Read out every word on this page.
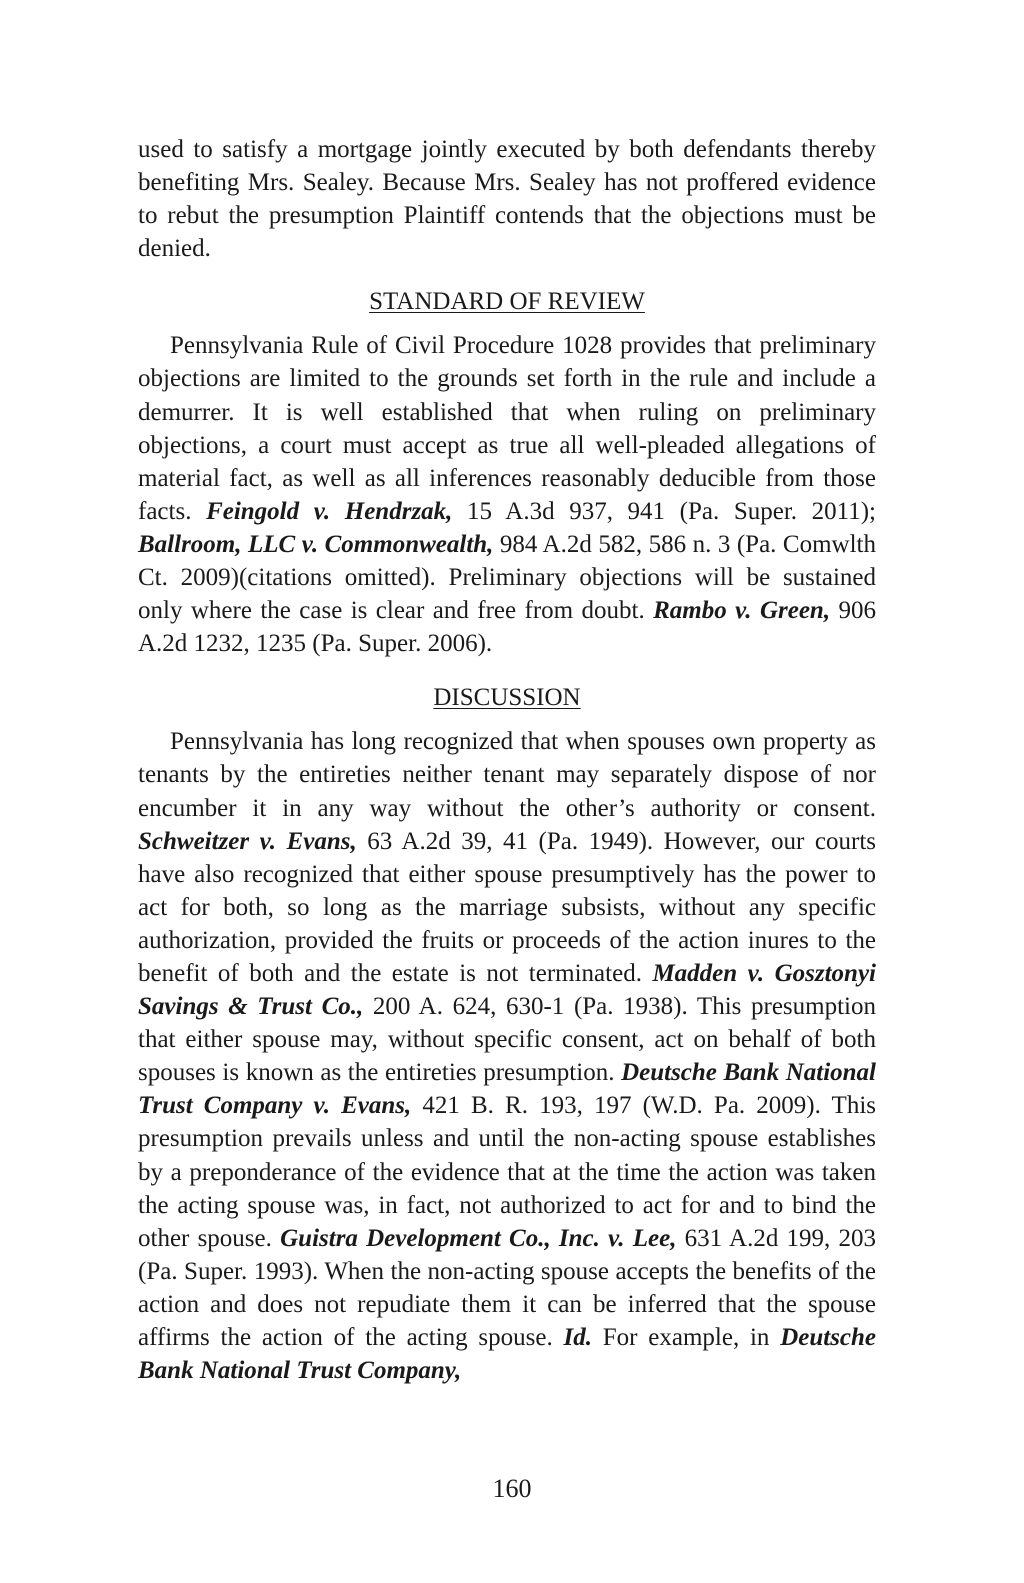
used to satisfy a mortgage jointly executed by both defendants thereby benefiting Mrs. Sealey. Because Mrs. Sealey has not proffered evidence to rebut the presumption Plaintiff contends that the objections must be denied.

STANDARD OF REVIEW

Pennsylvania Rule of Civil Procedure 1028 provides that preliminary objections are limited to the grounds set forth in the rule and include a demurrer. It is well established that when ruling on preliminary objections, a court must accept as true all well-pleaded allegations of material fact, as well as all inferences reasonably deducible from those facts. Feingold v. Hendrzak, 15 A.3d 937, 941 (Pa. Super. 2011); Ballroom, LLC v. Commonwealth, 984 A.2d 582, 586 n. 3 (Pa. Comwlth Ct. 2009)(citations omitted). Preliminary objections will be sustained only where the case is clear and free from doubt. Rambo v. Green, 906 A.2d 1232, 1235 (Pa. Super. 2006).

DISCUSSION

Pennsylvania has long recognized that when spouses own property as tenants by the entireties neither tenant may separately dispose of nor encumber it in any way without the other’s authority or consent. Schweitzer v. Evans, 63 A.2d 39, 41 (Pa. 1949). However, our courts have also recognized that either spouse presumptively has the power to act for both, so long as the marriage subsists, without any specific authorization, provided the fruits or proceeds of the action inures to the benefit of both and the estate is not terminated. Madden v. Gosztonyi Savings & Trust Co., 200 A. 624, 630-1 (Pa. 1938). This presumption that either spouse may, without specific consent, act on behalf of both spouses is known as the entireties presumption. Deutsche Bank National Trust Company v. Evans, 421 B. R. 193, 197 (W.D. Pa. 2009). This presumption prevails unless and until the non-acting spouse establishes by a preponderance of the evidence that at the time the action was taken the acting spouse was, in fact, not authorized to act for and to bind the other spouse. Guistra Development Co., Inc. v. Lee, 631 A.2d 199, 203 (Pa. Super. 1993). When the non-acting spouse accepts the benefits of the action and does not repudiate them it can be inferred that the spouse affirms the action of the acting spouse. Id. For example, in Deutsche Bank National Trust Company,

160
